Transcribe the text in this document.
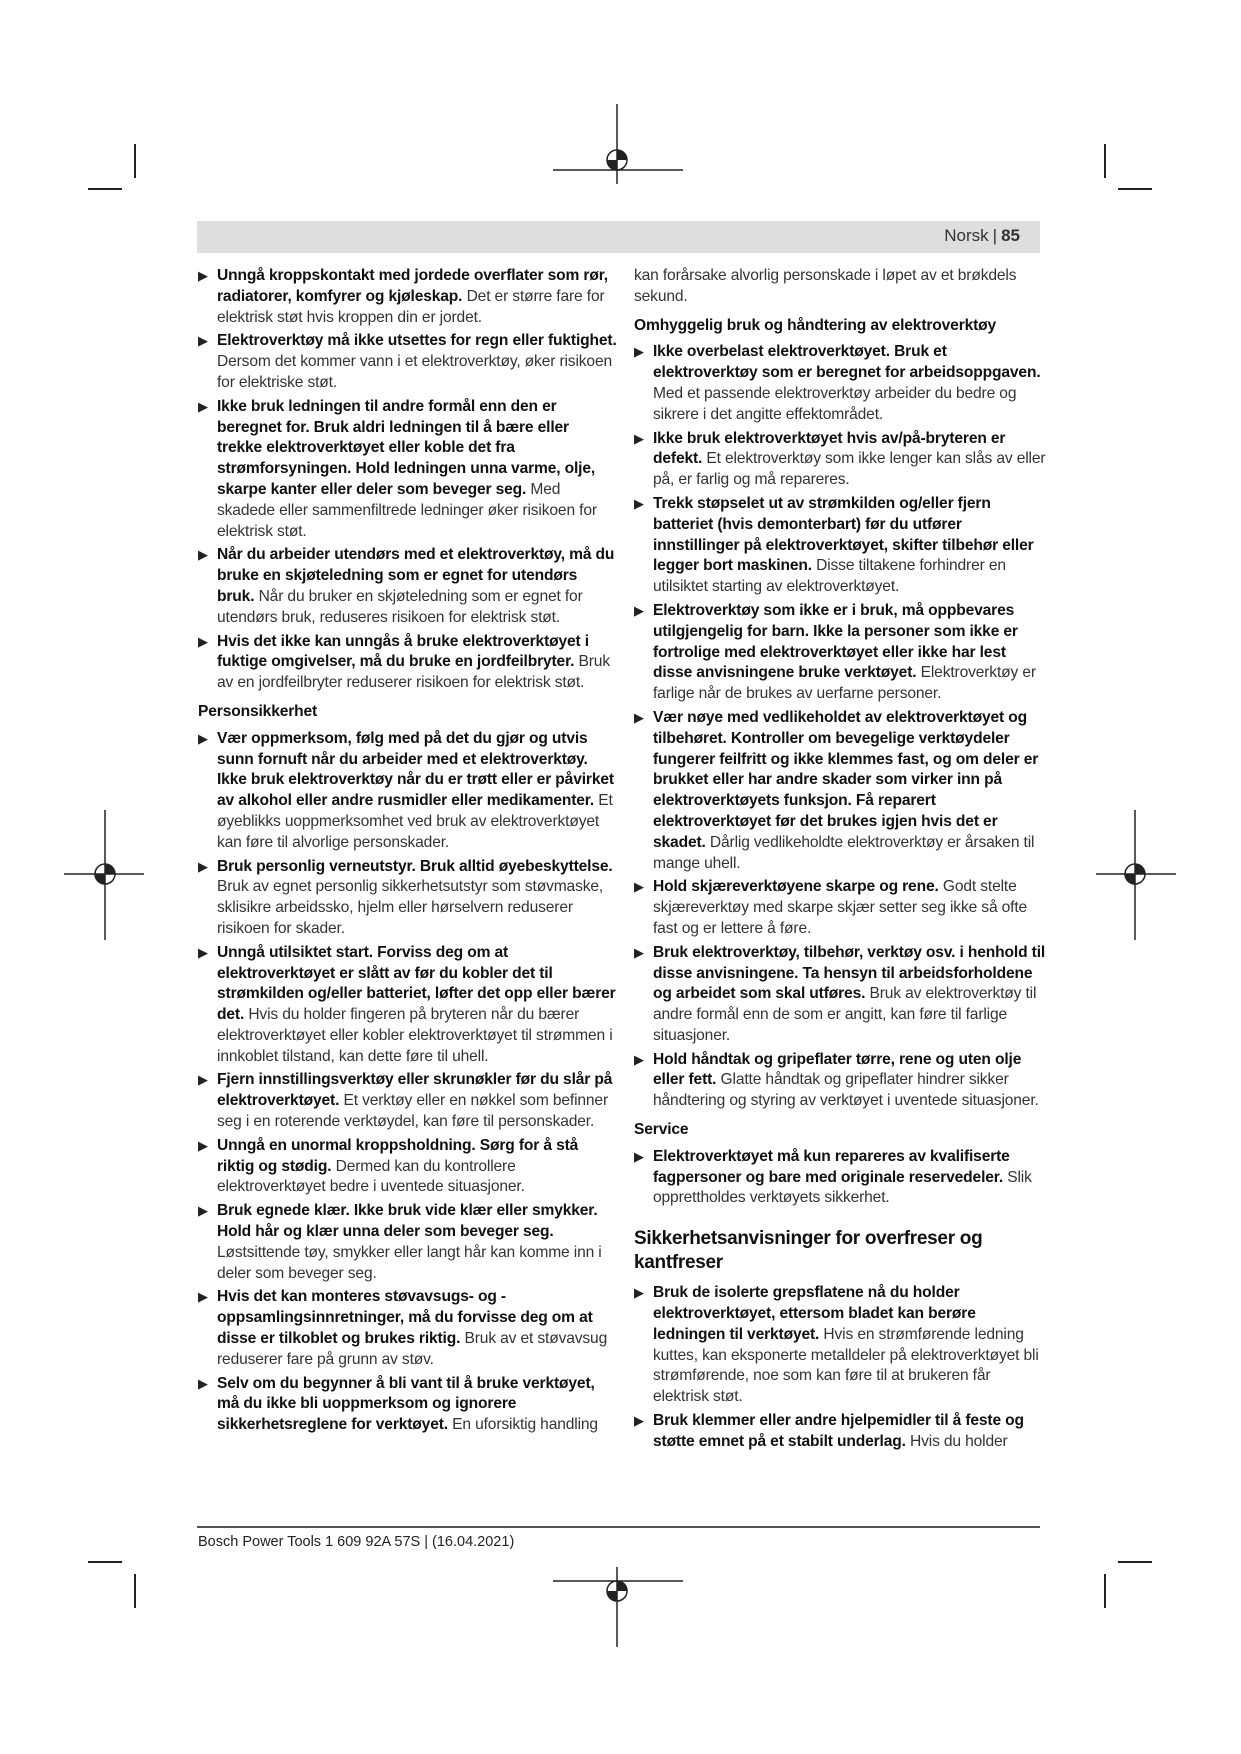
Norsk | 85
▶ Unngå kroppskontakt med jordede overflater som rør, radiatorer, komfyrer og kjøleskap. Det er større fare for elektrisk støt hvis kroppen din er jordet.
▶ Elektroverktøy må ikke utsettes for regn eller fuktighet. Dersom det kommer vann i et elektroverktøy, øker risikoen for elektriske støt.
▶ Ikke bruk ledningen til andre formål enn den er beregnet for. Bruk aldri ledningen til å bære eller trekke elektroverktøyet eller koble det fra strømforsyningen. Hold ledningen unna varme, olje, skarpe kanter eller deler som beveger seg. Med skadede eller sammenfiltrede ledninger øker risikoen for elektrisk støt.
▶ Når du arbeider utendørs med et elektroverktøy, må du bruke en skjøteledning som er egnet for utendørs bruk. Når du bruker en skjøteledning som er egnet for utendørs bruk, reduseres risikoen for elektrisk støt.
▶ Hvis det ikke kan unngås å bruke elektroverktøyet i fuktige omgivelser, må du bruke en jordfeilbryter. Bruk av en jordfeilbryter reduserer risikoen for elektrisk støt.
Personsikkerhet
▶ Vær oppmerksom, følg med på det du gjør og utvis sunn fornuft når du arbeider med et elektroverktøy. Ikke bruk elektroverktøy når du er trøtt eller er påvirket av alkohol eller andre rusmidler eller medikamenter. Et øyeblikks uoppmerksomhet ved bruk av elektroverktøyet kan føre til alvorlige personskader.
▶ Bruk personlig verneutstyr. Bruk alltid øyebeskyttelse. Bruk av egnet personlig sikkerhetsutstyr som støvmaske, sklisikre arbeidssko, hjelm eller hørselvern reduserer risikoen for skader.
▶ Unngå utilsiktet start. Forviss deg om at elektroverktøyet er slått av før du kobler det til strømkilden og/eller batteriet, løfter det opp eller bærer det. Hvis du holder fingeren på bryteren når du bærer elektroverktøyet eller kobler elektroverktøyet til strømmen i innkoblet tilstand, kan dette føre til uhell.
▶ Fjern innstillingsverktøy eller skrunøkler før du slår på elektroverktøyet. Et verktøy eller en nøkkel som befinner seg i en roterende verktøydel, kan føre til personskader.
▶ Unngå en unormal kroppsholdning. Sørg for å stå riktig og stødig. Dermed kan du kontrollere elektroverktøyet bedre i uventede situasjoner.
▶ Bruk egnede klær. Ikke bruk vide klær eller smykker. Hold hår og klær unna deler som beveger seg. Løstsittende tøy, smykker eller langt hår kan komme inn i deler som beveger seg.
▶ Hvis det kan monteres støvavsugs- og - oppsamlingsinnretninger, må du forvisse deg om at disse er tilkoblet og brukes riktig. Bruk av et støvavsug reduserer fare på grunn av støv.
▶ Selv om du begynner å bli vant til å bruke verktøyet, må du ikke bli uoppmerksom og ignorere sikkerhetsreglene for verktøyet. En uforsiktig handling
kan forårsake alvorlig personskade i løpet av et brøkdels sekund.
Omhyggelig bruk og håndtering av elektroverktøy
▶ Ikke overbelast elektroverktøyet. Bruk et elektroverktøy som er beregnet for arbeidsoppgaven. Med et passende elektroverktøy arbeider du bedre og sikrere i det angitte effektområdet.
▶ Ikke bruk elektroverktøyet hvis av/på-bryteren er defekt. Et elektroverktøy som ikke lenger kan slås av eller på, er farlig og må repareres.
▶ Trekk støpselet ut av strømkilden og/eller fjern batteriet (hvis demonterbart) før du utfører innstillinger på elektroverktøyet, skifter tilbehør eller legger bort maskinen. Disse tiltakene forhindrer en utilsiktet starting av elektroverktøyet.
▶ Elektroverktøy som ikke er i bruk, må oppbevares utilgjengelig for barn. Ikke la personer som ikke er fortrolige med elektroverktøyet eller ikke har lest disse anvisningene bruke verktøyet. Elektroverktøy er farlige når de brukes av uerfarne personer.
▶ Vær nøye med vedlikeholdet av elektroverktøyet og tilbehøret. Kontroller om bevegelige verktøydeler fungerer feilfritt og ikke klemmes fast, og om deler er brukket eller har andre skader som virker inn på elektroverktøyets funksjon. Få reparert elektroverktøyet før det brukes igjen hvis det er skadet. Dårlig vedlikeholdte elektroverktøy er årsaken til mange uhell.
▶ Hold skjæreverktøyene skarpe og rene. Godt stelte skjæreverktøy med skarpe skjær setter seg ikke så ofte fast og er lettere å føre.
▶ Bruk elektroverktøy, tilbehør, verktøy osv. i henhold til disse anvisningene. Ta hensyn til arbeidsforholdene og arbeidet som skal utføres. Bruk av elektroverktøy til andre formål enn de som er angitt, kan føre til farlige situasjoner.
▶ Hold håndtak og gripeflater tørre, rene og uten olje eller fett. Glatte håndtak og gripeflater hindrer sikker håndtering og styring av verktøyet i uventede situasjoner.
Service
▶ Elektroverktøyet må kun repareres av kvalifiserte fagpersoner og bare med originale reservedeler. Slik opprettholdes verktøyets sikkerhet.
Sikkerhetsanvisninger for overfreser og kantfreser
▶ Bruk de isolerte grepsflatene nå du holder elektroverktøyet, ettersom bladet kan berøre ledningen til verktøyet. Hvis en strømførende ledning kuttes, kan eksponerte metalldeler på elektroverktøyet bli strømførende, noe som kan føre til at brukeren får elektrisk støt.
▶ Bruk klemmer eller andre hjelpemidler til å feste og støtte emnet på et stabilt underlag. Hvis du holder
Bosch Power Tools 1 609 92A 57S | (16.04.2021)
